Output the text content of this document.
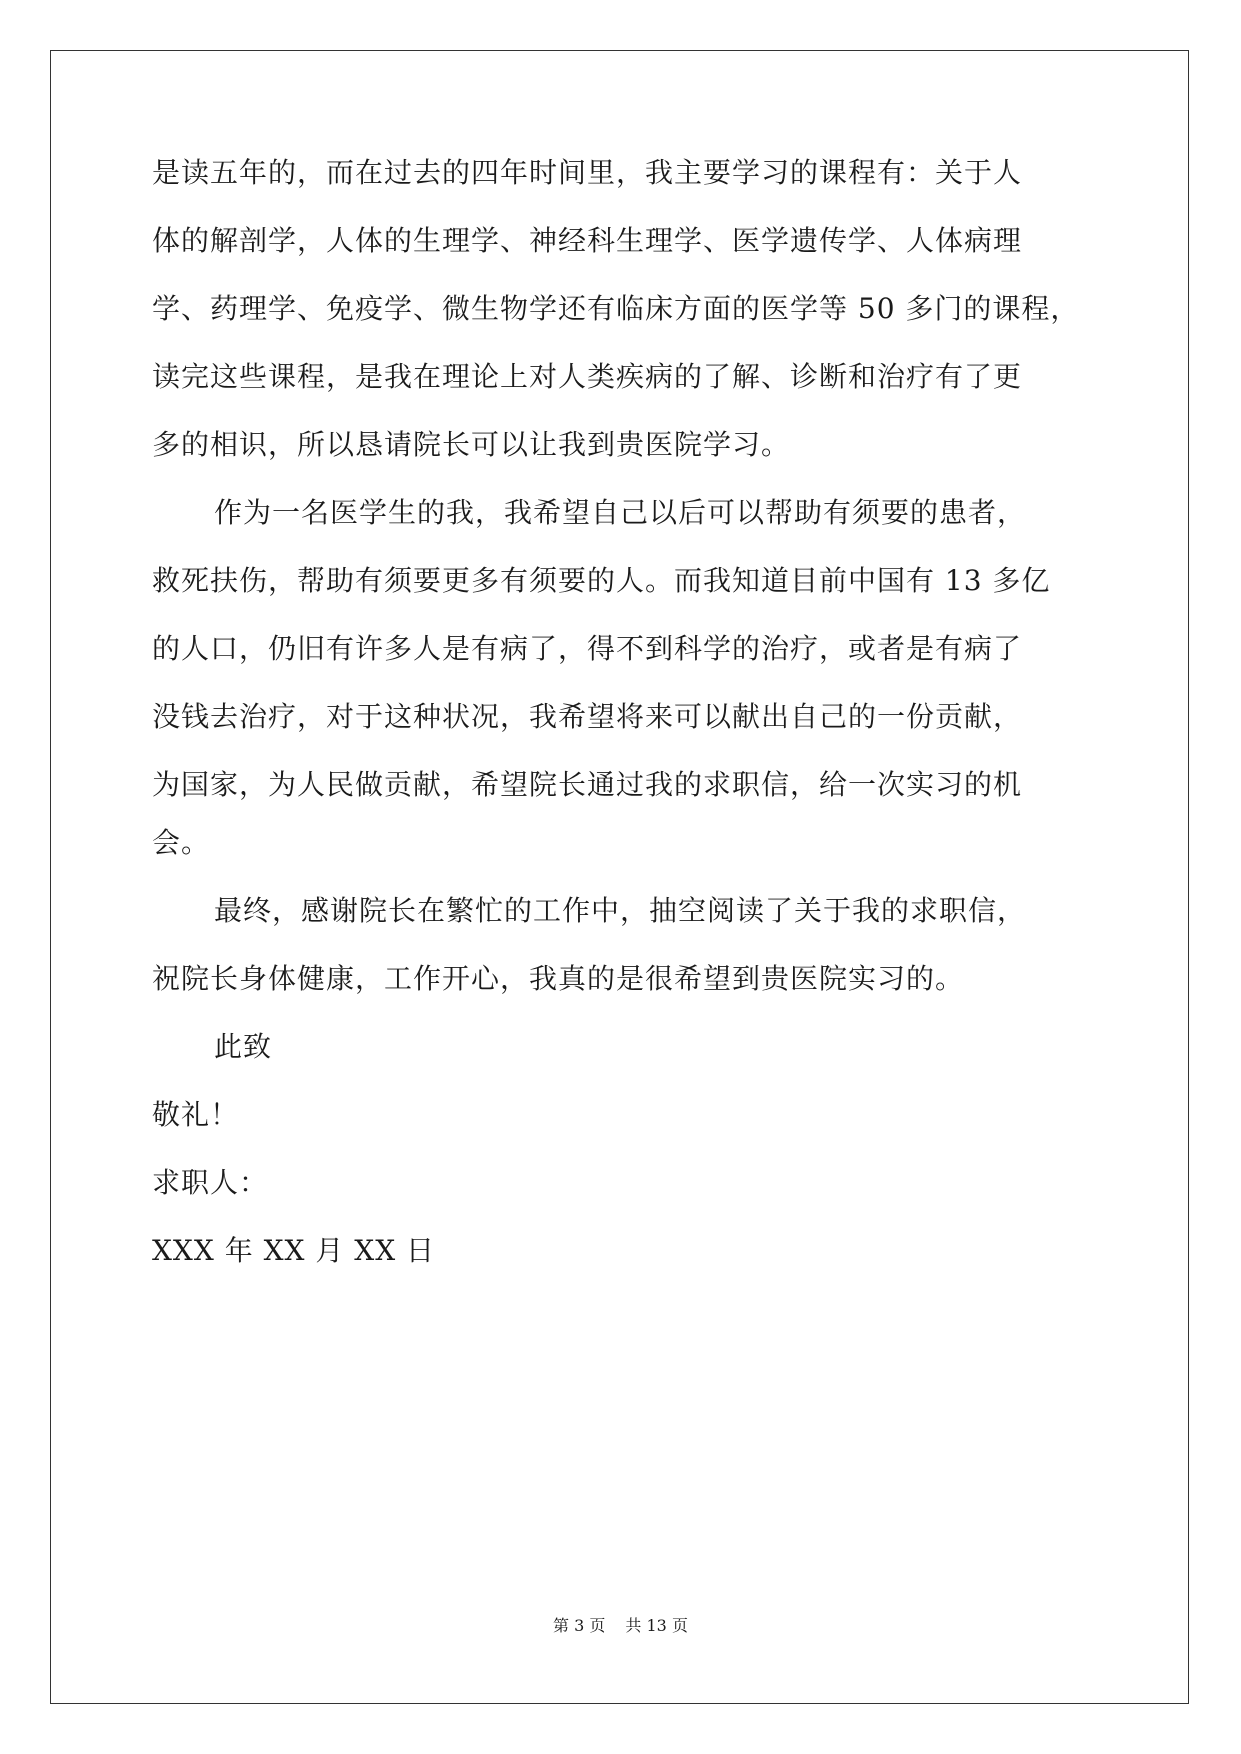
是读五年的，而在过去的四年时间里，我主要学习的课程有：关于人
体的解剖学，人体的生理学、神经科生理学、医学遗传学、人体病理
学、药理学、免疫学、微生物学还有临床方面的医学等 50 多门的课程，
读完这些课程，是我在理论上对人类疾病的了解、诊断和治疗有了更
多的相识，所以恳请院长可以让我到贵医院学习。
作为一名医学生的我，我希望自己以后可以帮助有须要的患者，
救死扶伤，帮助有须要更多有须要的人。而我知道目前中国有 13 多亿
的人口，仍旧有许多人是有病了，得不到科学的治疗，或者是有病了
没钱去治疗，对于这种状况，我希望将来可以献出自己的一份贡献，
为国家，为人民做贡献，希望院长通过我的求职信，给一次实习的机
会。
最终，感谢院长在繁忙的工作中，抽空阅读了关于我的求职信，
祝院长身体健康，工作开心，我真的是很希望到贵医院实习的。
此致
敬礼！
求职人：
XXX 年 XX 月 XX 日
第 3 页 共 13 页
